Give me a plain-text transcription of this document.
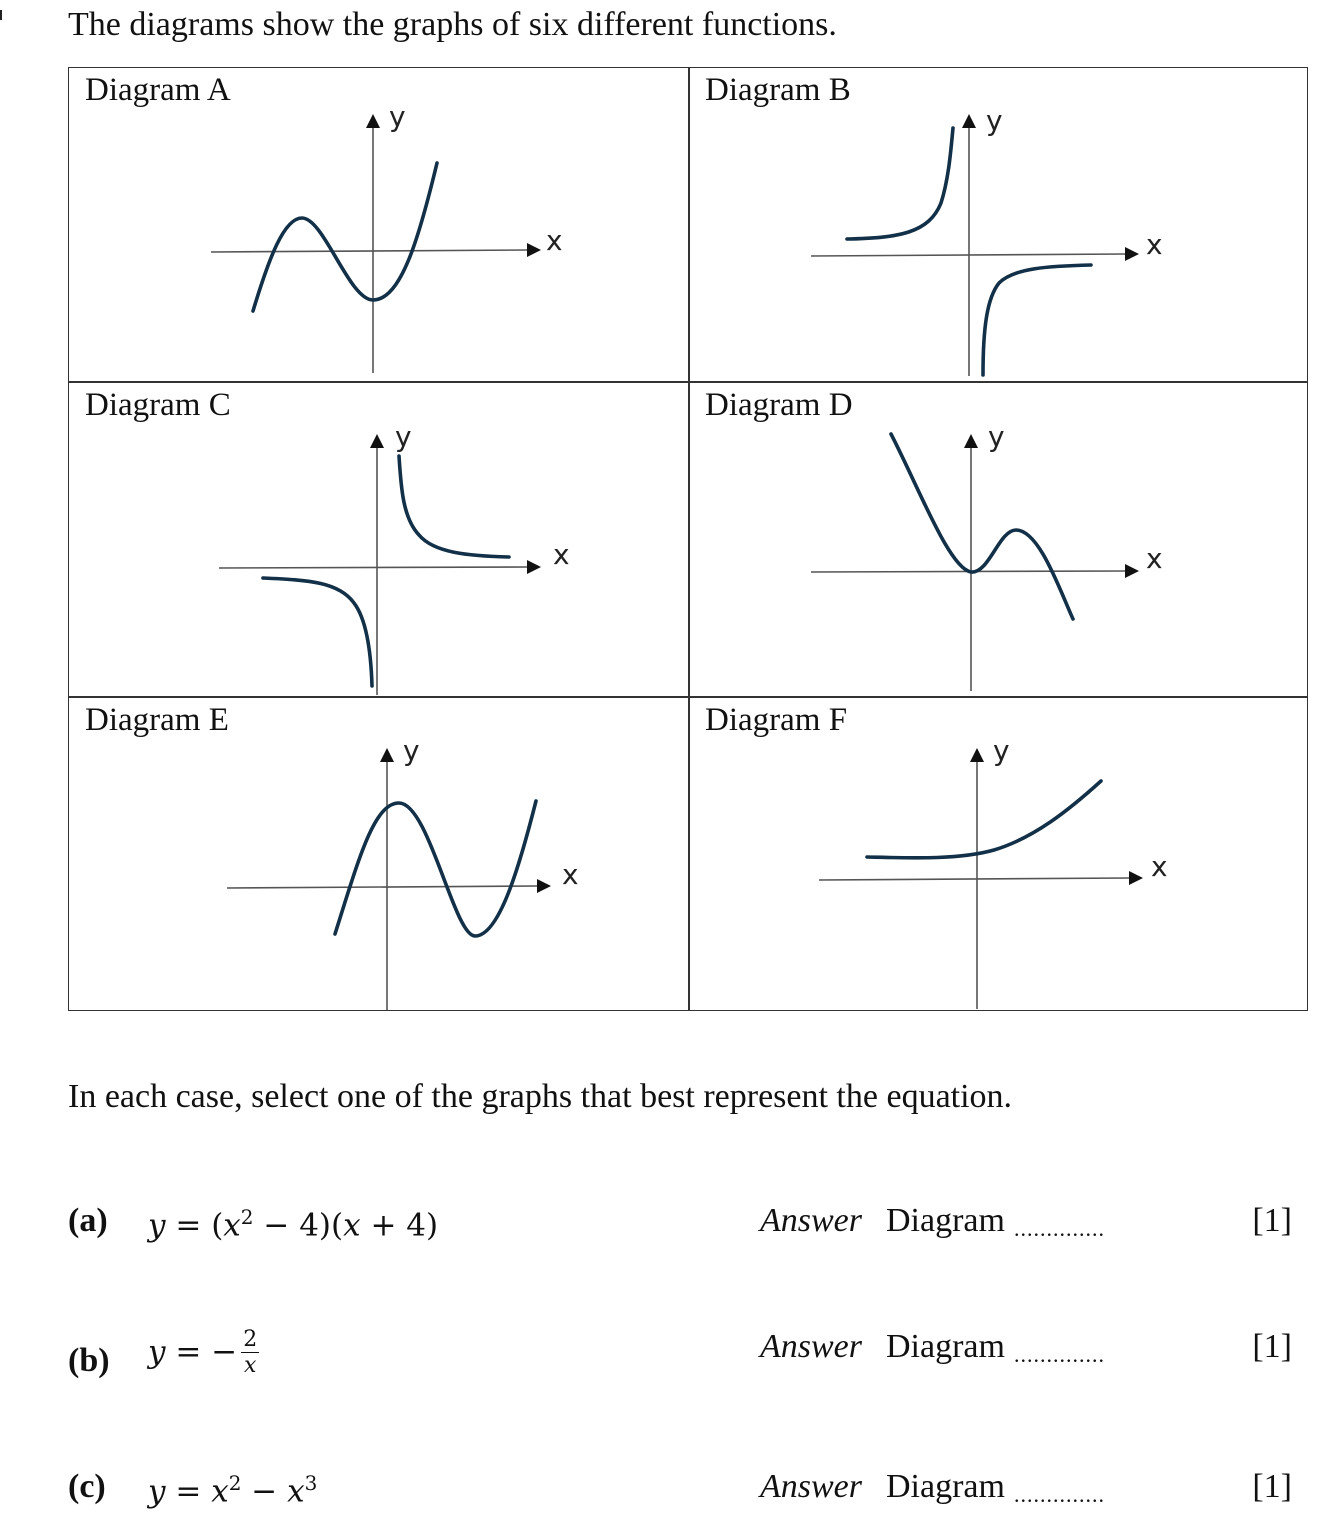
The diagrams show the graphs of six different functions.
Diagram A
x
y
Diagram B
x
y
Diagram C
x
y
Diagram D
x
y
Diagram E
x
y
Diagram F
x
y
In each case, select one of the graphs that best represent the equation.
(a) $y = (x^2 - 4)(x + 4)$	Answer Diagram ..............	[1]
(b) y = − $\frac{2}{x}$	Answer Diagram ..............	[1]
(c) $y = x^2 - x^3$	Answer Diagram ..............	[1]
